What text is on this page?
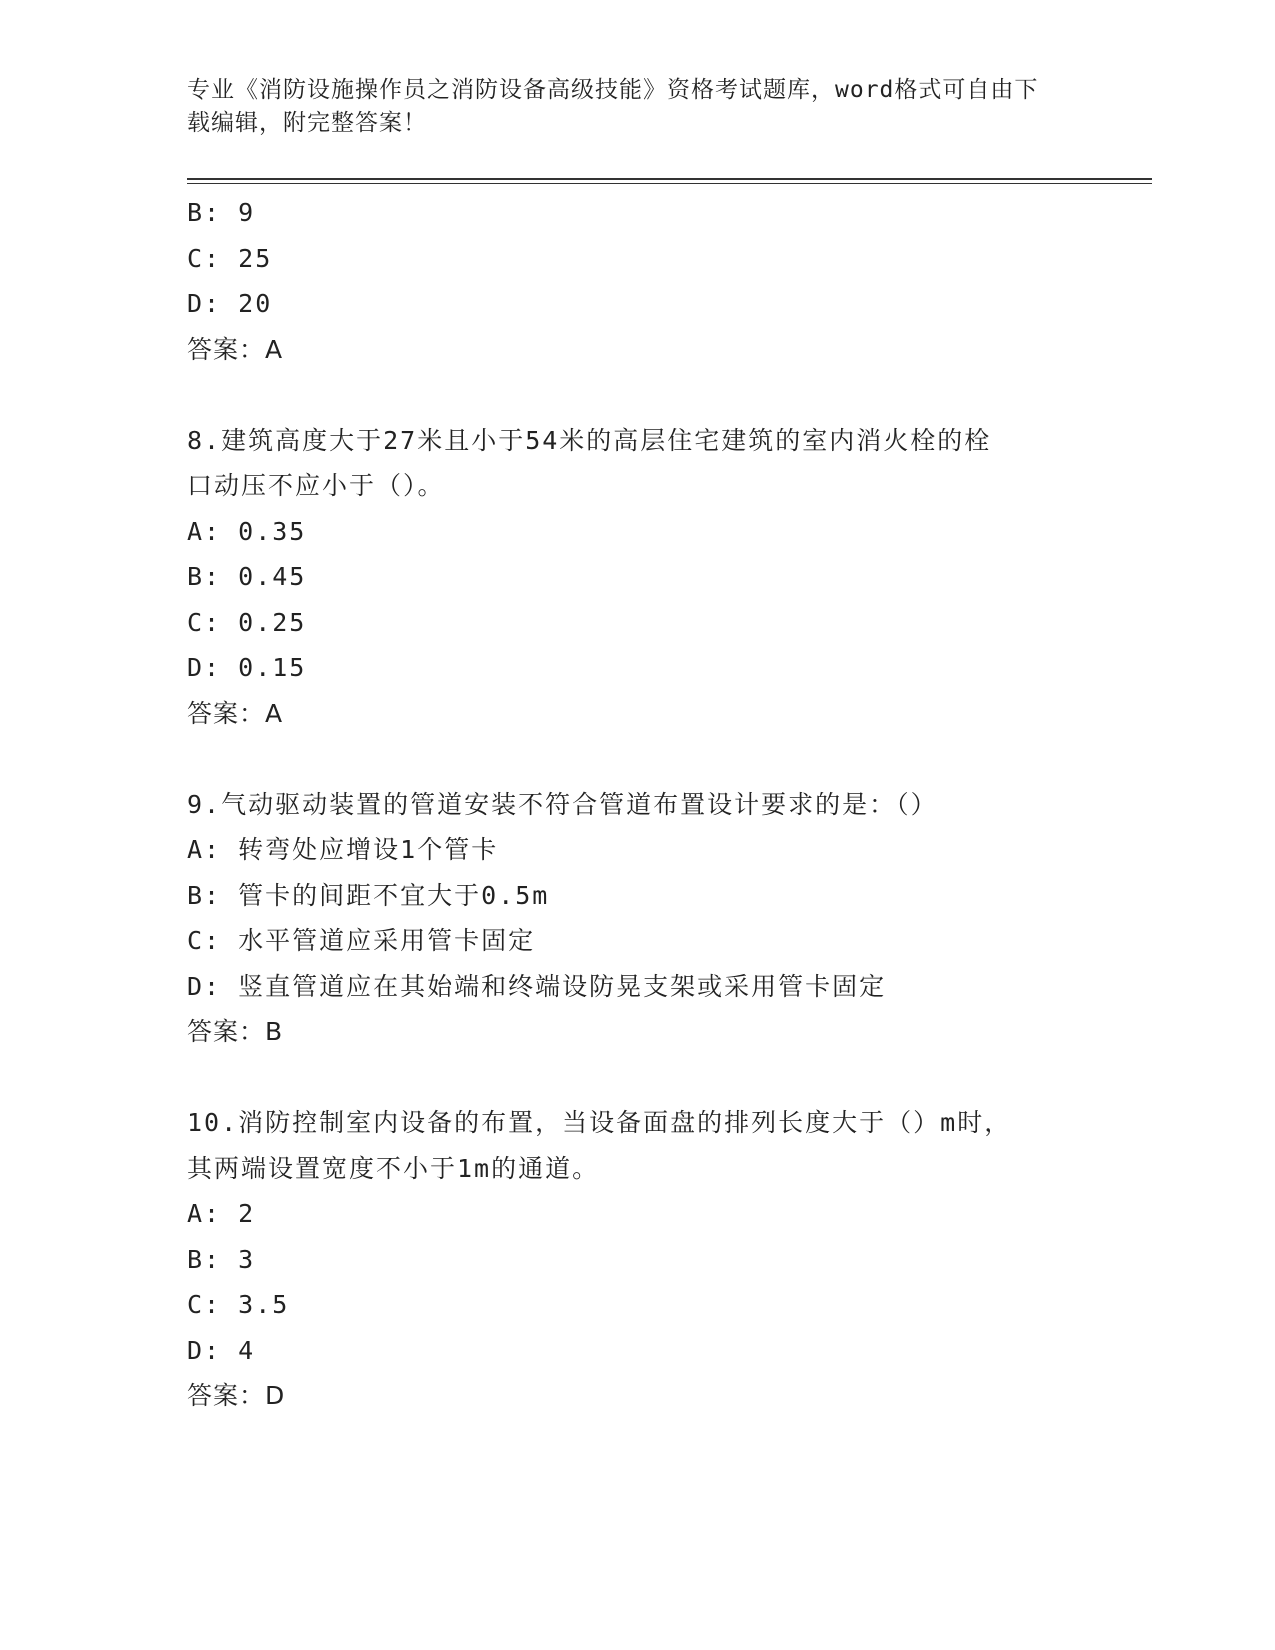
专业《消防设施操作员之消防设备高级技能》资格考试题库，word格式可自由下
载编辑，附完整答案！
B: 9
C: 25
D: 20
答案：A
8.建筑高度大于27米且小于54米的高层住宅建筑的室内消火栓的栓
口动压不应小于（）。
A: 0.35
B: 0.45
C: 0.25
D: 0.15
答案：A
9.气动驱动装置的管道安装不符合管道布置设计要求的是：（）
A: 转弯处应增设1个管卡
B: 管卡的间距不宜大于0.5m
C: 水平管道应采用管卡固定
D: 竖直管道应在其始端和终端设防晃支架或采用管卡固定
答案：B
10.消防控制室内设备的布置，当设备面盘的排列长度大于（）m时，
其两端设置宽度不小于1m的通道。
A: 2
B: 3
C: 3.5
D: 4
答案：D
